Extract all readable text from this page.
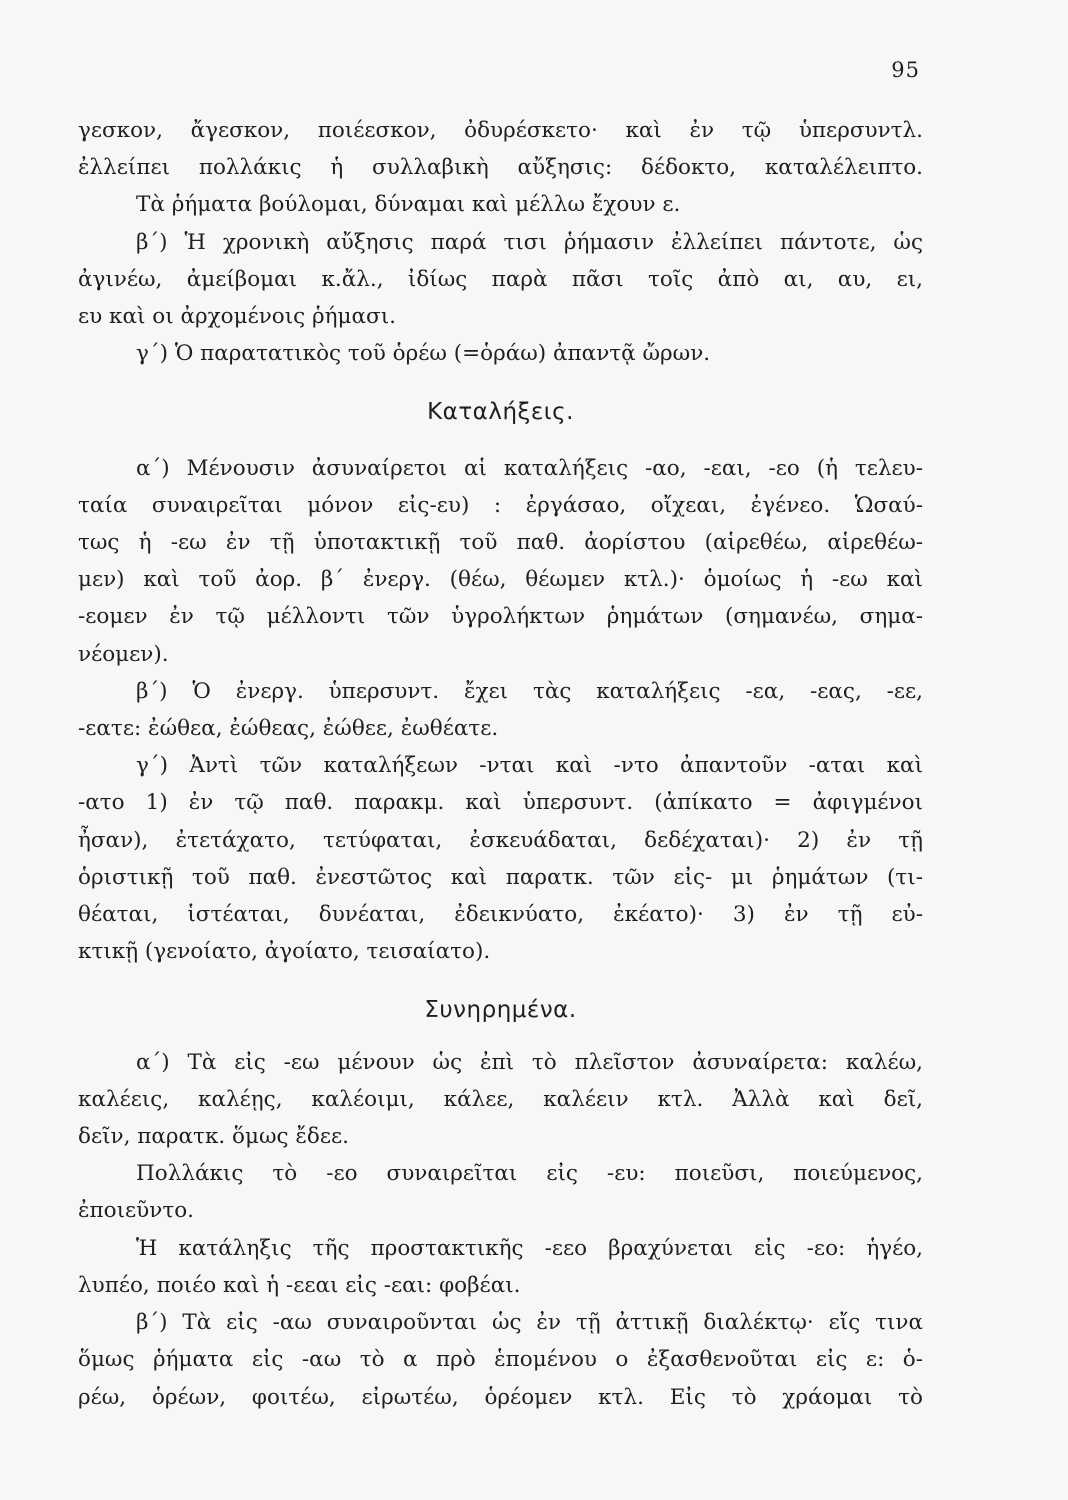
95
γεσκον, ἄγεσκον, ποιέεσκον, ὀδυρέσκετο· καὶ ἐν τῷ ὑπερσυντλ.
ἐλλείπει πολλάκις ἡ συλλαβικὴ αὔξησις: δέδοκτο, καταλέλειπτο.
Τὰ ῥήματα βούλομαι, δύναμαι καὶ μέλλω ἔχουν ε.
β΄) Ἡ χρονικὴ αὔξησις παρά τισι ῥήμασιν ἐλλείπει πάντοτε, ὡς
ἀγινέω, ἀμείβομαι κ.ἄλ., ἰδίως παρὰ πᾶσι τοῖς ἀπὸ αι, αυ, ει,
ευ καὶ οι ἀρχομένοις ῥήμασι.
γ΄) Ὁ παρατατικὸς τοῦ ὁρέω (=ὁράω) ἀπαντᾷ ὤρων.
Καταλήξεις.
α΄) Μένουσιν ἀσυναίρετοι αἱ καταλήξεις -αο, -εαι, -εο (ἡ τελευ-
ταία συναιρεῖται μόνον εἰς-ευ) : ἐργάσαο, οἴχεαι, ἐγένεο. Ὡσαύ-
τως ἡ -εω ἐν τῇ ὑποτακτικῇ τοῦ παθ. ἀορίστου (αἱρεθέω, αἱρεθέω-
μεν) καὶ τοῦ ἀορ. β΄ ἐνεργ. (θέω, θέωμεν κτλ.)· ὁμοίως ἡ -εω καὶ
-εομεν ἐν τῷ μέλλοντι τῶν ὑγρολήκτων ῥημάτων (σημανέω, σημα-
νέομεν).
β΄) Ὁ ἐνεργ. ὑπερσυντ. ἔχει τὰς καταλήξεις -εα, -εας, -εε,
-εατε: ἐώθεα, ἐώθεας, ἐώθεε, ἐωθέατε.
γ΄) Ἀντὶ τῶν καταλήξεων -νται καὶ -ντο ἀπαντοῦν -αται καὶ
-ατο 1) ἐν τῷ παθ. παρακμ. καὶ ὑπερσυντ. (ἀπίκατο = ἀφιγμένοι
ἦσαν), ἐτετάχατο, τετύφαται, ἐσκευάδαται, δεδέχαται)· 2) ἐν τῇ
ὁριστικῇ τοῦ παθ. ἐνεστῶτος καὶ παρατκ. τῶν εἰς- μι ῥημάτων (τι-
θέαται, ἱστέαται, δυνέαται, ἐδεικνύατο, ἐκέατο)· 3) ἐν τῇ εὐ-
κτικῇ (γενοίατο, ἀγοίατο, τεισαίατο).
Συνηρημένα.
α΄) Τὰ εἰς -εω μένουν ὡς ἐπὶ τὸ πλεῖστον ἀσυναίρετα: καλέω,
καλέεις, καλέῃς, καλέοιμι, κάλεε, καλέειν κτλ. Ἀλλὰ καὶ δεῖ,
δεῖν, παρατκ. ὅμως ἔδεε.
Πολλάκις τὸ -εο συναιρεῖται εἰς -ευ: ποιεῦσι, ποιεύμενος,
ἐποιεῦντο.
Ἡ κατάληξις τῆς προστακτικῆς -εεο βραχύνεται εἰς -εο: ἡγέο,
λυπέο, ποιέο καὶ ἡ -εεαι εἰς -εαι: φοβέαι.
β΄) Τὰ εἰς -αω συναιροῦνται ὡς ἐν τῇ ἀττικῇ διαλέκτῳ· εἴς τινα
ὅμως ῥήματα εἰς -αω τὸ α πρὸ ἑπομένου ο ἐξασθενοῦται εἰς ε: ὁ-
ρέω, ὁρέων, φοιτέω, εἰρωτέω, ὁρέομεν κτλ. Εἰς τὸ χράομαι τὸ
